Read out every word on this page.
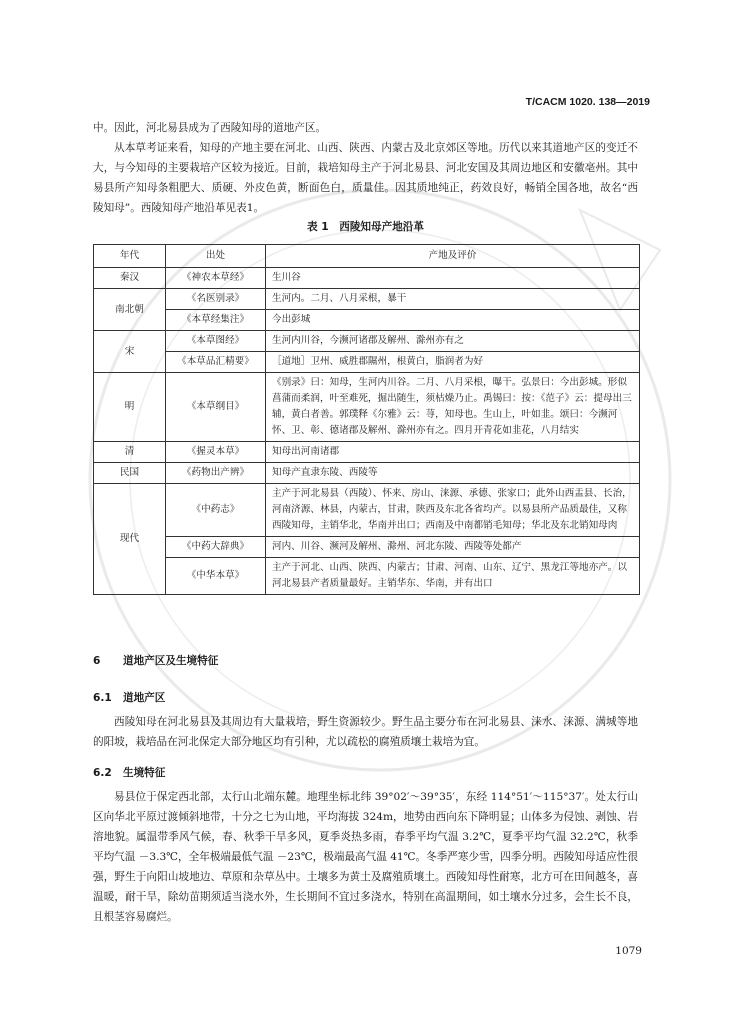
T/CACM 1020. 138—2019

中。因此，河北易县成为了西陵知母的道地产区。

从本草考证来看，知母的产地主要在河北、山西、陕西、内蒙古及北京郊区等地。历代以来其道地产区的变迁不大，与今知母的主要栽培产区较为接近。目前，栽培知母主产于河北易县、河北安国及其周边地区和安徽亳州。其中易县所产知母条粗肥大、质硬、外皮色黄，断面色白，质量佳。因其质地纯正，药效良好，畅销全国各地，故名“西陵知母”。西陵知母产地沿革见表1。

表 1　西陵知母产地沿革
年代	出处	产地及评价
秦汉	《神农本草经》	生川谷
南北朝	《名医别录》	生河内。二月、八月采根，暴干
	《本草经集注》	今出彭城
宋	《本草图经》	生河内川谷，今濒河诸郡及解州、滁州亦有之
	《本草品汇精要》	［道地］卫州、威胜郡隰州，根黄白，脂润者为好
明	《本草纲目》	《别录》曰：知母，生河内川谷。二月、八月采根，曝干。弘景曰：今出彭城。形似菖蒲而柔润，叶至难死，掘出随生，须枯燥乃止。禹锡曰：按：《范子》云：提母出三辅，黄白者善。郭璞释《尔雅》云：荨，知母也。生山上，叶如韭。颂曰：今濒河怀、卫、彰、德诸郡及解州、滁州亦有之。四月开青花如韭花，八月结实
清	《握灵本草》	知母出河南诸郡
民国	《药物出产辨》	知母产直隶东陵、西陵等
现代	《中药志》	主产于河北易县（西陵）、怀来、房山、涞源、承德、张家口；此外山西盂县、长治，河南济源、林县，内蒙古，甘肃，陕西及东北各省均产。以易县所产品质最佳，又称西陵知母，主销华北，华南并出口；西南及中南都销毛知母；华北及东北销知母肉
	《中药大辞典》	河内、川谷、濒河及解州、滁州、河北东陵、西陵等处都产
	《中华本草》	主产于河北、山西、陕西、内蒙古；甘肃、河南、山东、辽宁、黑龙江等地亦产。以河北易县产者质量最好。主销华东、华南，并有出口
6 道地产区及生境特征
6.1 道地产区

西陵知母在河北易县及其周边有大量栽培，野生资源较少。野生品主要分布在河北易县、涞水、涞源、满城等地的阳坡，栽培品在河北保定大部分地区均有引种，尤以疏松的腐殖质壤土栽培为宜。

6.2 生境特征

易县位于保定西北部，太行山北端东麓。地理坐标北纬 39°02′～39°35′，东经 114°51′～115°37′。处太行山区向华北平原过渡倾斜地带，十分之七为山地，平均海拔 324m，地势由西向东下降明显；山体多为侵蚀、剥蚀、岩溶地貌。属温带季风气候，春、秋季干旱多风，夏季炎热多雨，春季平均气温 3.2℃，夏季平均气温 32.2℃，秋季平均气温 －3.3℃，全年极端最低气温 －23℃，极端最高气温 41℃。冬季严寒少雪，四季分明。西陵知母适应性很强，野生于向阳山坡地边、草原和杂草丛中。土壤多为黄土及腐殖质壤土。西陵知母性耐寒，北方可在田间越冬，喜温暖，耐干旱，除幼苗期须适当浇水外，生长期间不宜过多浇水，特别在高温期间，如土壤水分过多，会生长不良，且根茎容易腐烂。

1079
